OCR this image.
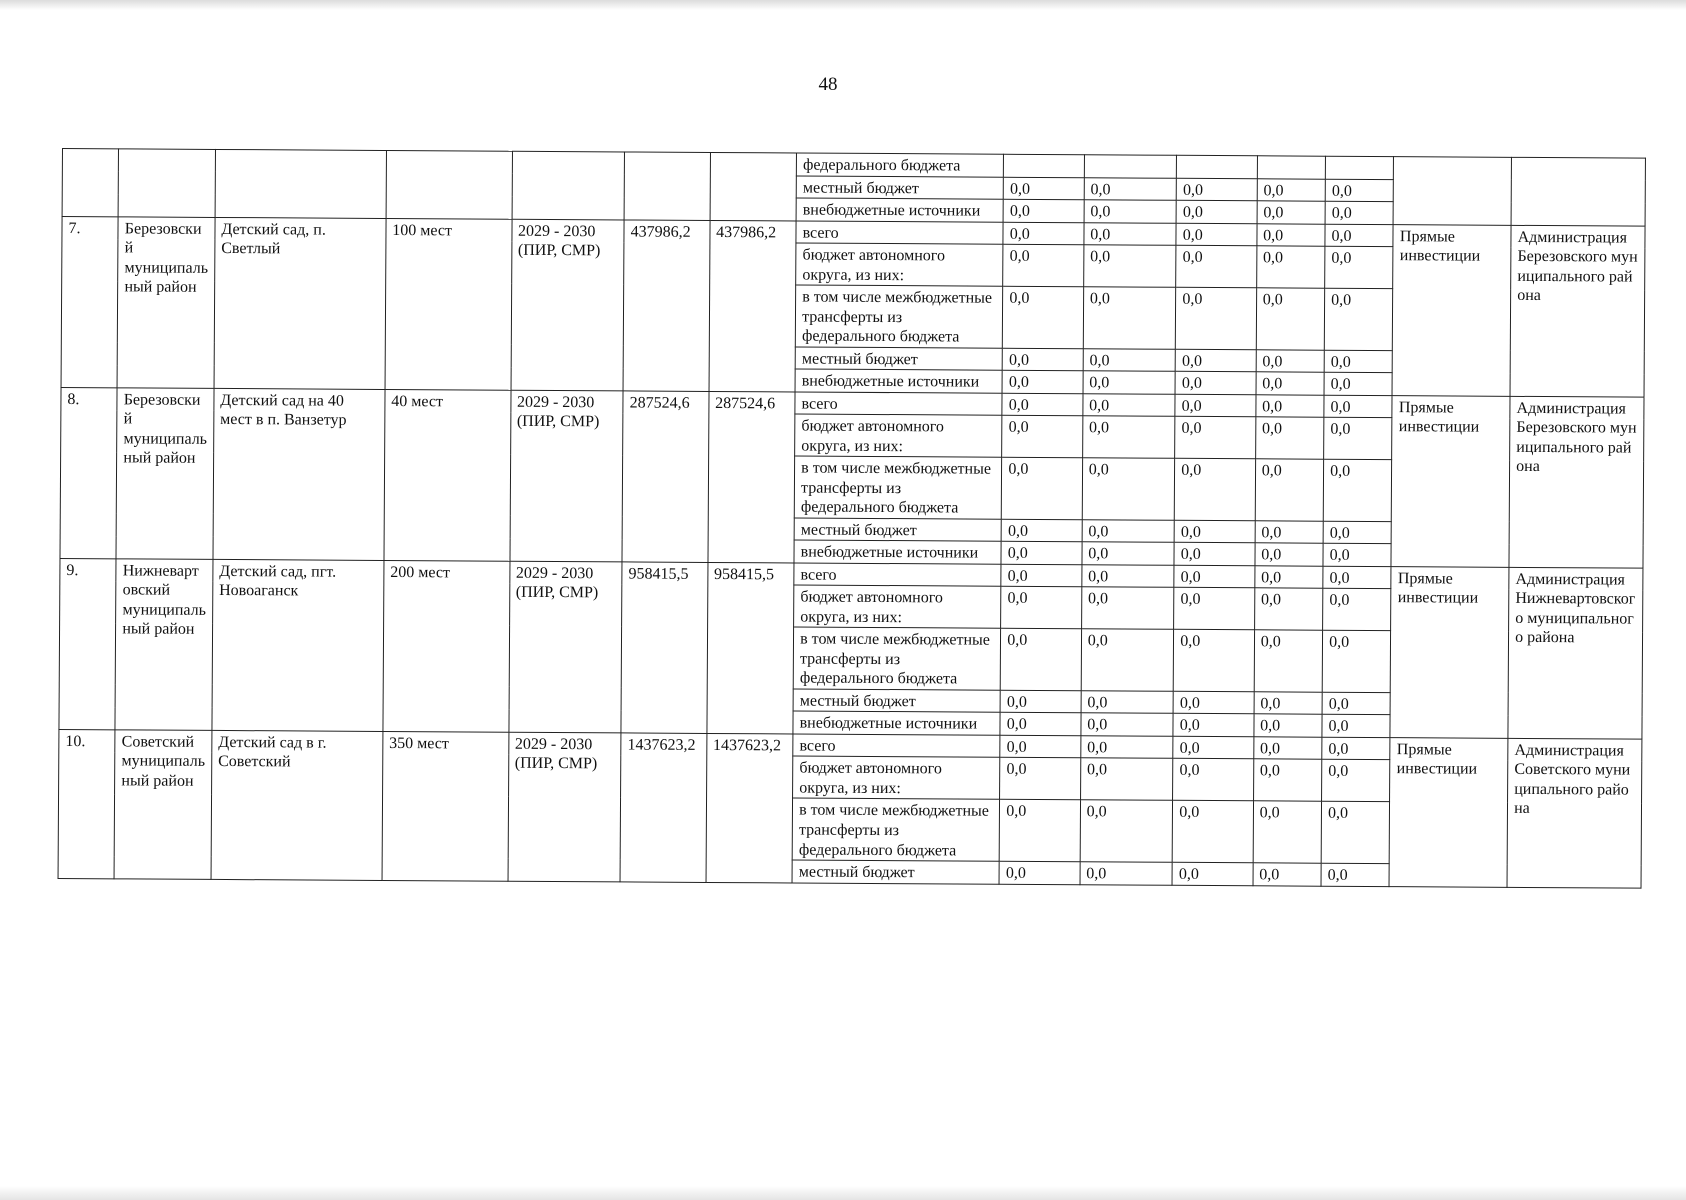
48
							федерального бюджета							
							местный бюджет	0,0	0,0	0,0	0,0	0,0		
							внебюджетные источники	0,0	0,0	0,0	0,0	0,0		
7.	Березовский муниципальный район	Детский сад, п. Светлый	100 мест	2029 - 2030 (ПИР, СМР)	437986,2	437986,2	всего	0,0	0,0	0,0	0,0	0,0	Прямые инвестиции	Администрация Березовского муниципального района
							бюджет автономного округа, из них:	0,0	0,0	0,0	0,0	0,0		
							в том числе межбюджетные трансферты из федерального бюджета	0,0	0,0	0,0	0,0	0,0		
							местный бюджет	0,0	0,0	0,0	0,0	0,0		
							внебюджетные источники	0,0	0,0	0,0	0,0	0,0		
8.	Березовский муниципальный район	Детский сад на 40 мест в п. Ванзетур	40 мест	2029 - 2030 (ПИР, СМР)	287524,6	287524,6	всего	0,0	0,0	0,0	0,0	0,0	Прямые инвестиции	Администрация Березовского муниципального района
							бюджет автономного округа, из них:	0,0	0,0	0,0	0,0	0,0		
							в том числе межбюджетные трансферты из федерального бюджета	0,0	0,0	0,0	0,0	0,0		
							местный бюджет	0,0	0,0	0,0	0,0	0,0		
							внебюджетные источники	0,0	0,0	0,0	0,0	0,0		
9.	Нижневартовский муниципальный район	Детский сад, пгт. Новоаганск	200 мест	2029 - 2030 (ПИР, СМР)	958415,5	958415,5	всего	0,0	0,0	0,0	0,0	0,0	Прямые инвестиции	Администрация Нижневартовского муниципального района
							бюджет автономного округа, из них:	0,0	0,0	0,0	0,0	0,0		
							в том числе межбюджетные трансферты из федерального бюджета	0,0	0,0	0,0	0,0	0,0		
							местный бюджет	0,0	0,0	0,0	0,0	0,0		
							внебюджетные источники	0,0	0,0	0,0	0,0	0,0		
10.	Советский муниципальный район	Детский сад в г. Советский	350 мест	2029 - 2030 (ПИР, СМР)	1437623,2	1437623,2	всего	0,0	0,0	0,0	0,0	0,0	Прямые инвестиции	Администрация Советского муниципального района
							бюджет автономного округа, из них:	0,0	0,0	0,0	0,0	0,0		
							в том числе межбюджетные трансферты из федерального бюджета	0,0	0,0	0,0	0,0	0,0		
							местный бюджет	0,0	0,0	0,0	0,0	0,0		
